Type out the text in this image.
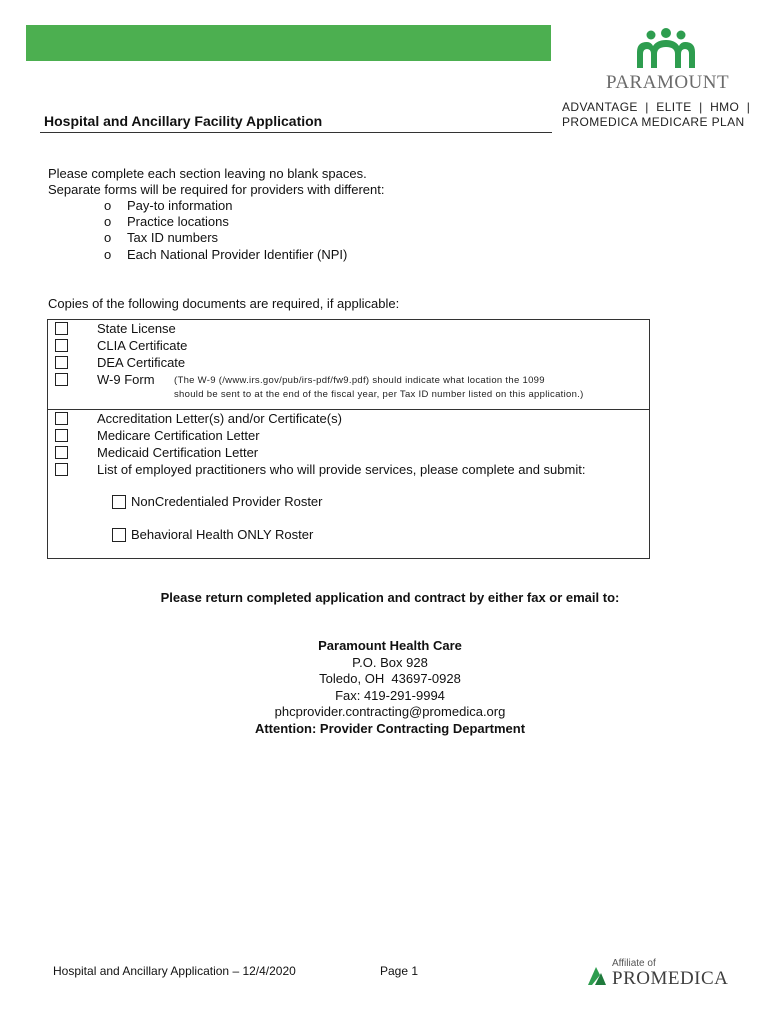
PARAMOUNT
ADVANTAGE  |  ELITE  |  HMO  |
PROMEDICA MEDICARE PLAN
Hospital and Ancillary Facility Application
Please complete each section leaving no blank spaces.
Separate forms will be required for providers with different:
o Pay-to information
o Practice locations
o Tax ID numbers
o Each National Provider Identifier (NPI)
Copies of the following documents are required, if applicable:
State License
CLIA Certificate
DEA Certificate
W-9 Form (The W-9 (/www.irs.gov/pub/irs-pdf/fw9.pdf) should indicate what location the 1099
should be sent to at the end of the fiscal year, per Tax ID number listed on this application.)
Accreditation Letter(s) and/or Certificate(s)
Medicare Certification Letter
Medicaid Certification Letter
List of employed practitioners who will provide services, please complete and submit:
NonCredentialed Provider Roster
Behavioral Health ONLY Roster
Please return completed application and contract by either fax or email to:
Paramount Health Care
P.O. Box 928
Toledo, OH  43697-0928
Fax: 419-291-9994
phcprovider.contracting@promedica.org
Attention: Provider Contracting Department
Hospital and Ancillary Application – 12/4/2020	Page 1
Affiliate of
PROMEDICA
